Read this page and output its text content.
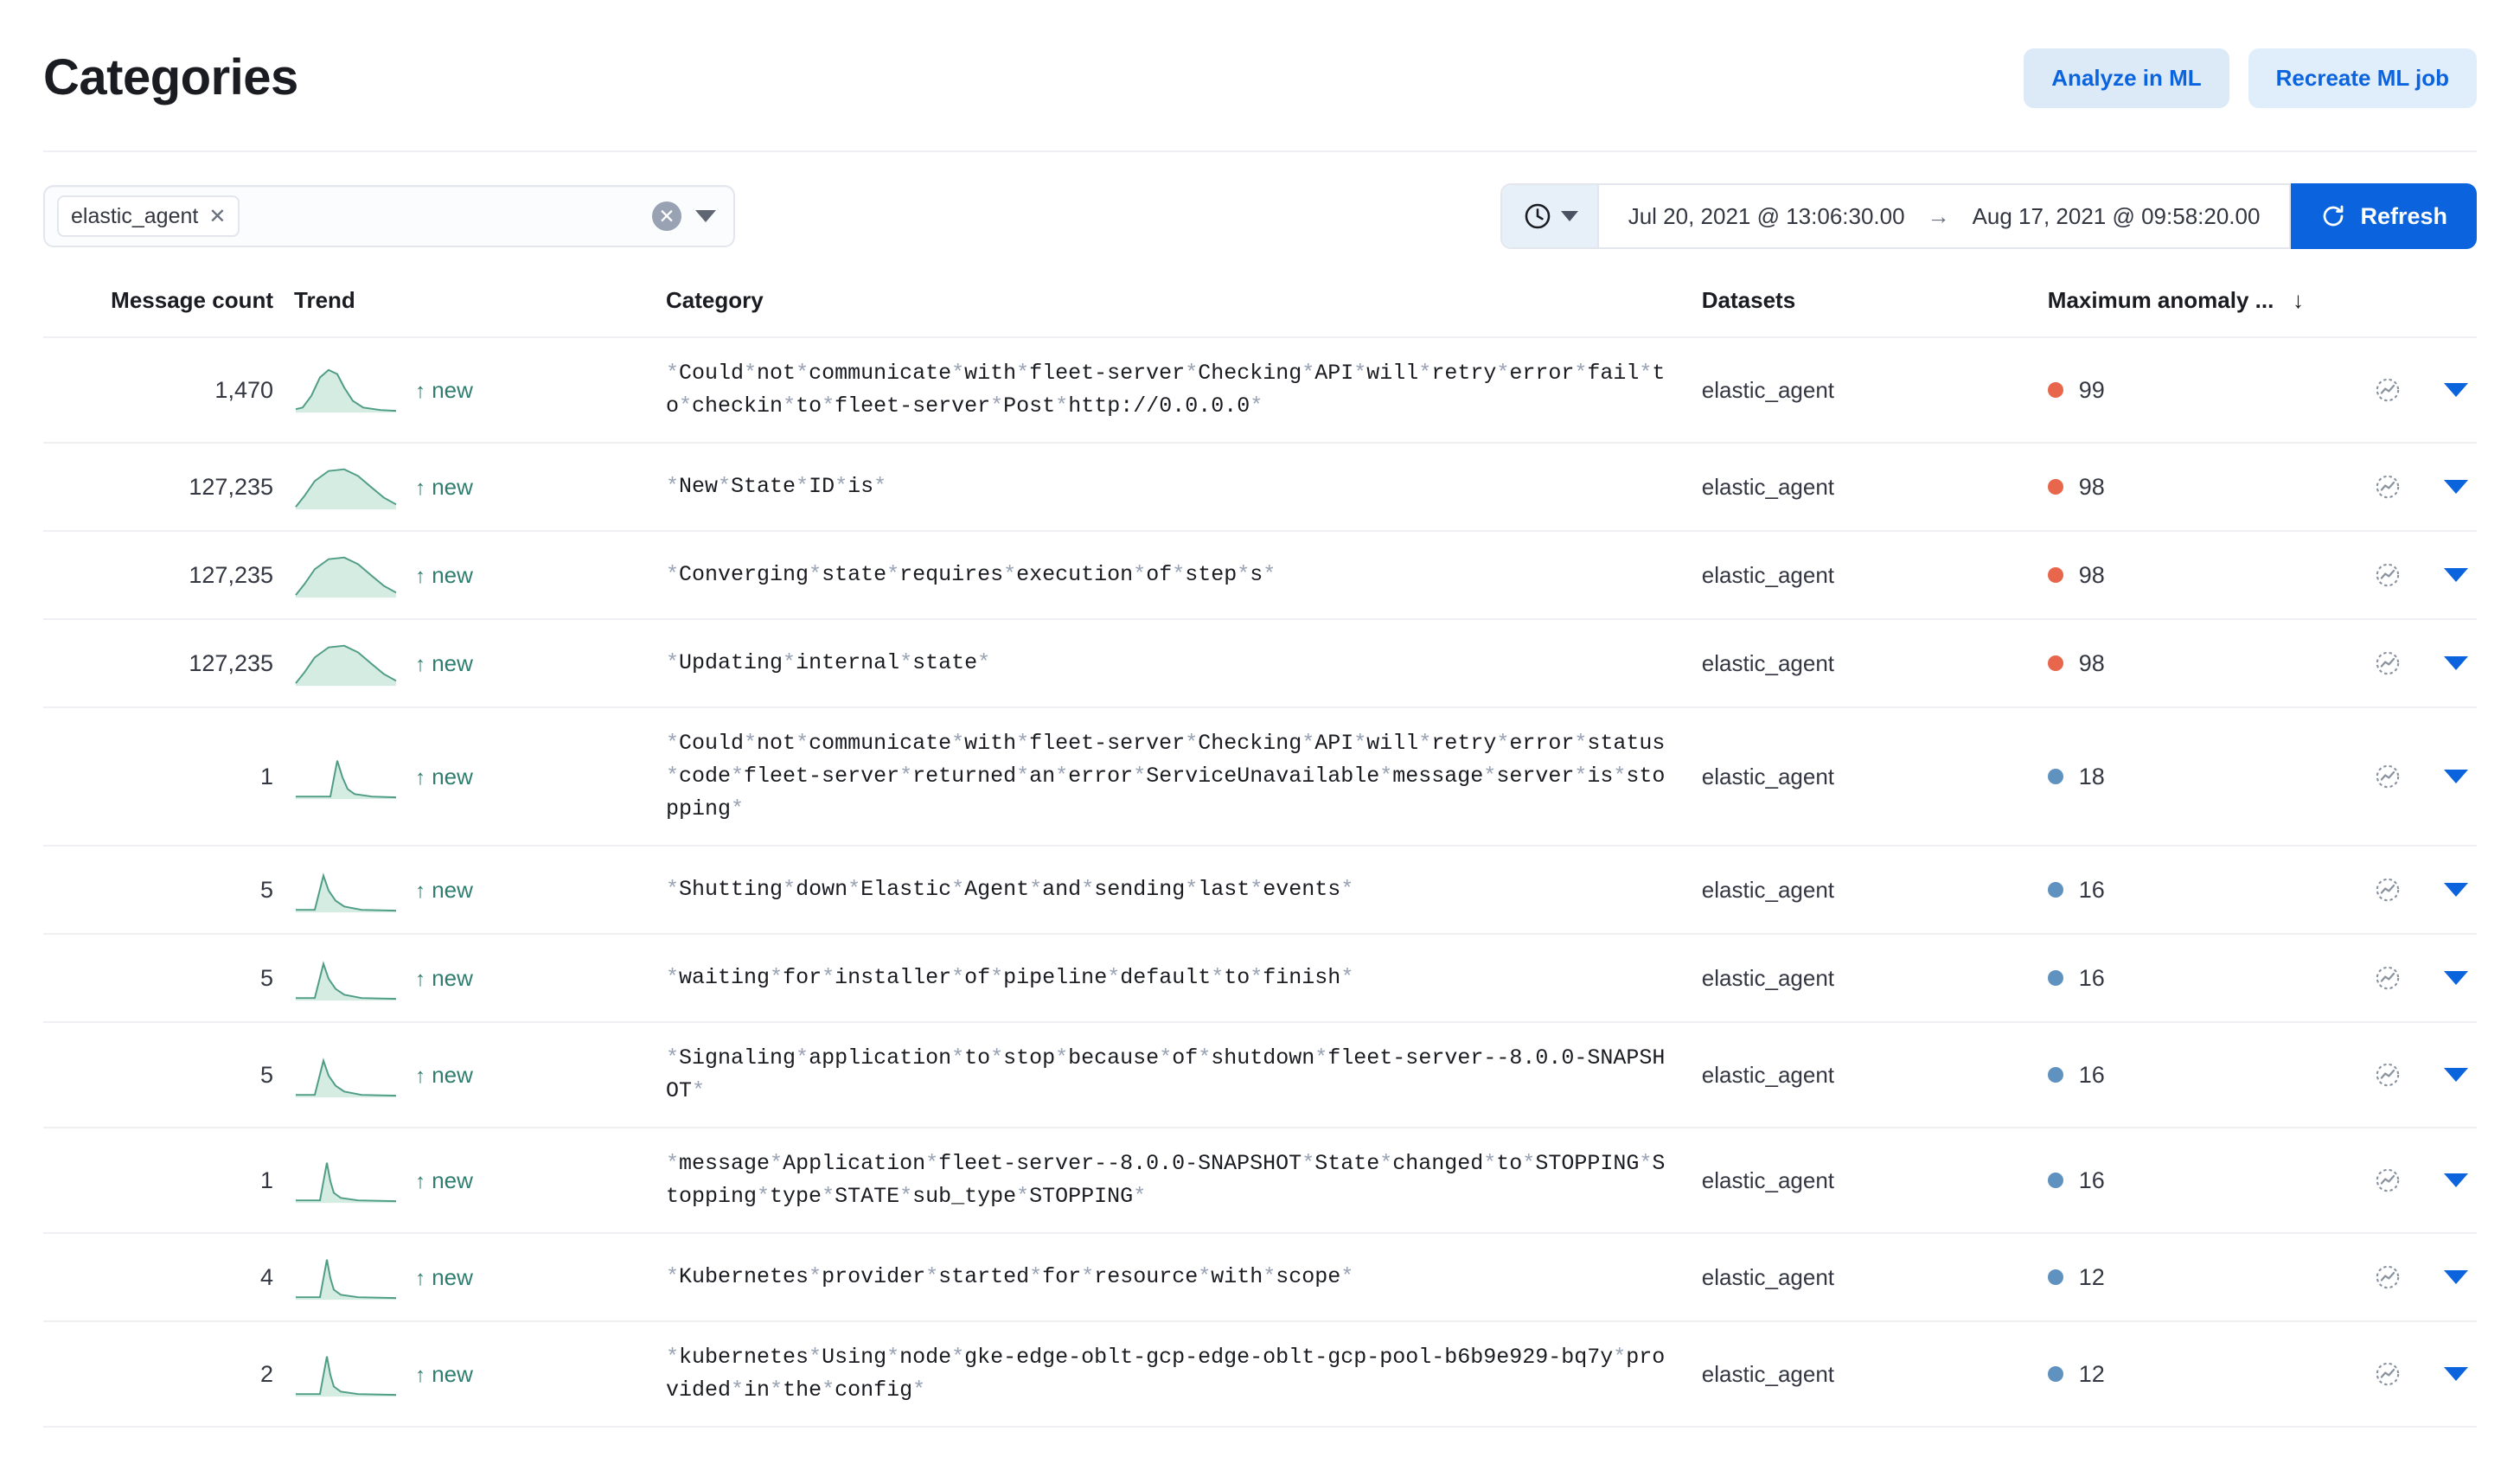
Categories	Analyze in ML	Recreate ML job
elastic_agent ✕	✕	Jul 20, 2021 @ 13:06:30.00 → Aug 17, 2021 @ 09:58:20.00	Refresh
Message count	Trend	Category	Datasets	Maximum anomaly ...   ↓	
1,470	↑ new	*Could*not*communicate*with*fleet-server*Checking*API*will*retry*error*fail*to*checkin*to*fleet-server*Post*http://0.0.0.0*	elastic_agent	99

127,235	↑ new	*New*State*ID*is*	elastic_agent	98

127,235	↑ new	*Converging*state*requires*execution*of*step*s*	elastic_agent	98

127,235	↑ new	*Updating*internal*state*	elastic_agent	98

1	↑ new	*Could*not*communicate*with*fleet-server*Checking*API*will*retry*error*status*code*fleet-server*returned*an*error*ServiceUnavailable*message*server*is*stopping*	elastic_agent	18

5	↑ new	*Shutting*down*Elastic*Agent*and*sending*last*events*	elastic_agent	16

5	↑ new	*waiting*for*installer*of*pipeline*default*to*finish*	elastic_agent	16

5	↑ new	*Signaling*application*to*stop*because*of*shutdown*fleet-server--8.0.0-SNAPSHOT*	elastic_agent	16

1	↑ new	*message*Application*fleet-server--8.0.0-SNAPSHOT*State*changed*to*STOPPING*Stopping*type*STATE*sub_type*STOPPING*	elastic_agent	16

4	↑ new	*Kubernetes*provider*started*for*resource*with*scope*	elastic_agent	12

2	↑ new	*kubernetes*Using*node*gke-edge-oblt-gcp-edge-oblt-gcp-pool-b6b9e929-bq7y*provided*in*the*config*	elastic_agent	12
